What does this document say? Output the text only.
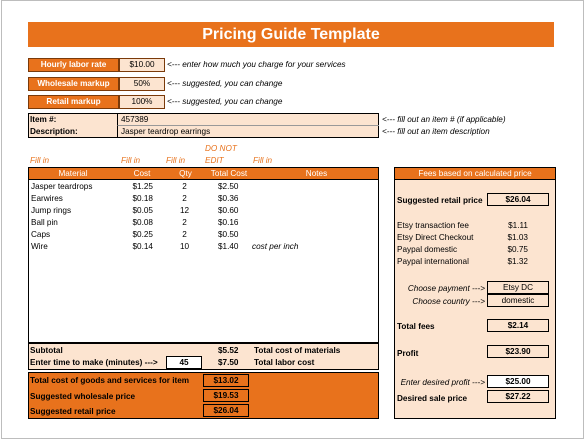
Pricing Guide Template
Hourly labor rate	$10.00	<--- enter how much you charge for your services
Wholesale markup	50%	<--- suggested, you can change
Retail markup	100%	<--- suggested, you can change
Item #:	457389
Description:	Jasper teardrop earrings
<--- fill out an item # (if applicable)
<--- fill out an item description
Fill in	Fill in	Fill in
DO NOT
EDIT	Fill in
Material	Cost	Qty	Total Cost	Notes
Jasper teardrops	$1.25	2	$2.50
Earwires	$0.18	2	$0.36
Jump rings	$0.05	12	$0.60
Ball pin	$0.08	2	$0.16
Caps	$0.25	2	$0.50
Wire	$0.14	10	$1.40 cost per inch
Subtotal	$5.52 Total cost of materials
Enter time to make (minutes) --->	45	$7.50 Total labor cost
Total cost of goods and services for item	$13.02
Suggested wholesale price	$19.53
Suggested retail price	$26.04
Fees based on calculated price
Suggested retail price	$26.04
Etsy transaction fee	$1.11
Etsy Direct Checkout	$1.03
Paypal domestic	$0.75
Paypal international	$1.32
Choose payment --->	Etsy DC
Choose country --->	domestic
Total fees	$2.14
Profit	$23.90
Enter desired profit --->	$25.00
Desired sale price	$27.22
